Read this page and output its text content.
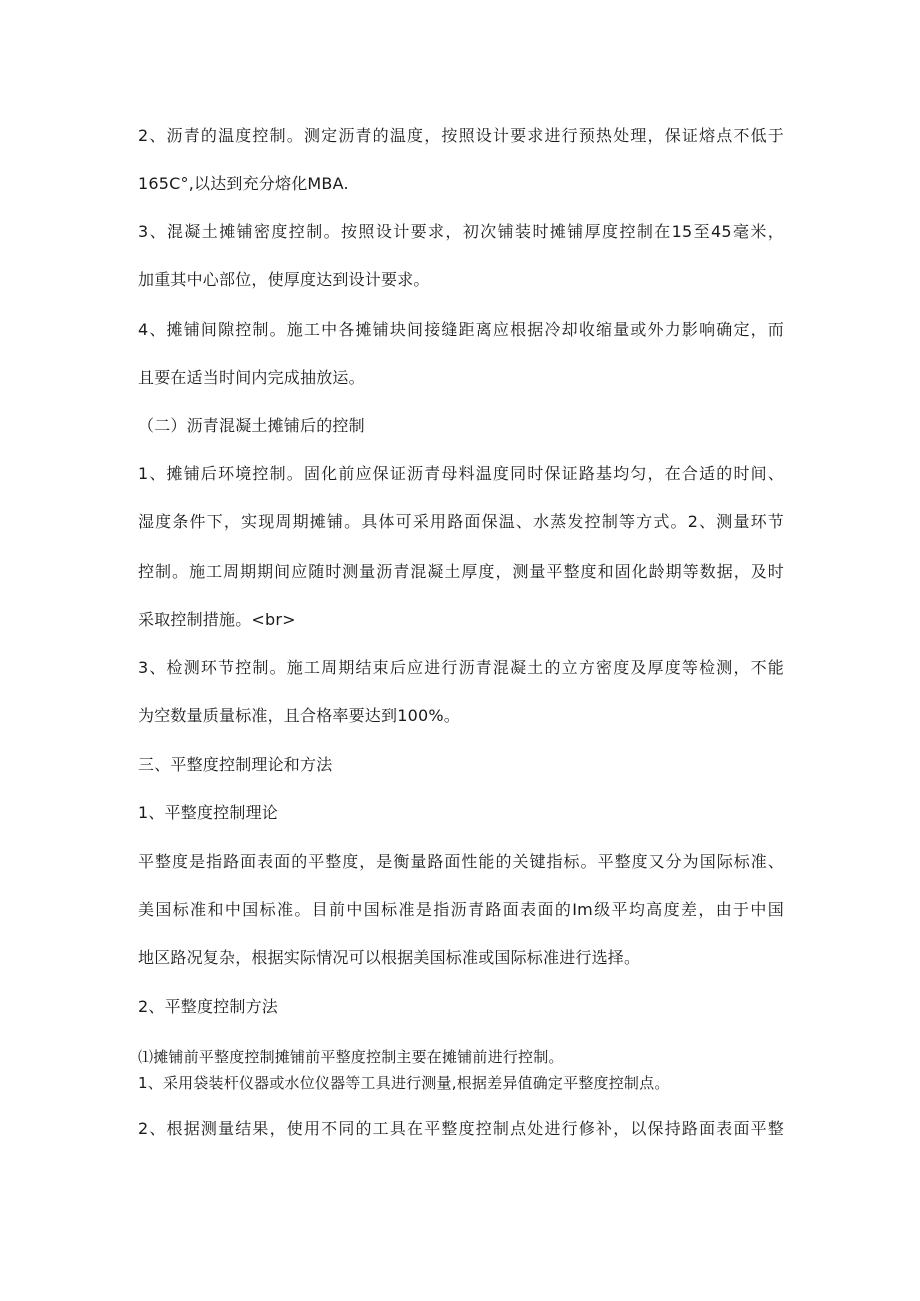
2、沥青的温度控制。测定沥青的温度，按照设计要求进行预热处理，保证熔点不低于
165C°,以达到充分熔化MBA.
3、混凝土摊铺密度控制。按照设计要求，初次铺装时摊铺厚度控制在15至45毫米，
加重其中心部位，使厚度达到设计要求。
4、摊铺间隙控制。施工中各摊铺块间接缝距离应根据冷却收缩量或外力影响确定，而
且要在适当时间内完成抽放运。
（二）沥青混凝土摊铺后的控制
1、摊铺后环境控制。固化前应保证沥青母料温度同时保证路基均匀，在合适的时间、
湿度条件下，实现周期摊铺。具体可采用路面保温、水蒸发控制等方式。2、测量环节
控制。施工周期期间应随时测量沥青混凝土厚度，测量平整度和固化龄期等数据，及时
采取控制措施。<br>
3、检测环节控制。施工周期结束后应进行沥青混凝土的立方密度及厚度等检测，不能
为空数量质量标准，且合格率要达到100%。
三、平整度控制理论和方法
1、平整度控制理论
平整度是指路面表面的平整度，是衡量路面性能的关键指标。平整度又分为国际标准、
美国标准和中国标准。目前中国标准是指沥青路面表面的Im级平均高度差，由于中国
地区路况复杂，根据实际情况可以根据美国标准或国际标准进行选择。
2、平整度控制方法
⑴摊铺前平整度控制摊铺前平整度控制主要在摊铺前进行控制。
1、采用袋装杆仪器或水位仪器等工具进行测量,根据差异值确定平整度控制点。
2、根据测量结果，使用不同的工具在平整度控制点处进行修补，以保持路面表面平整
